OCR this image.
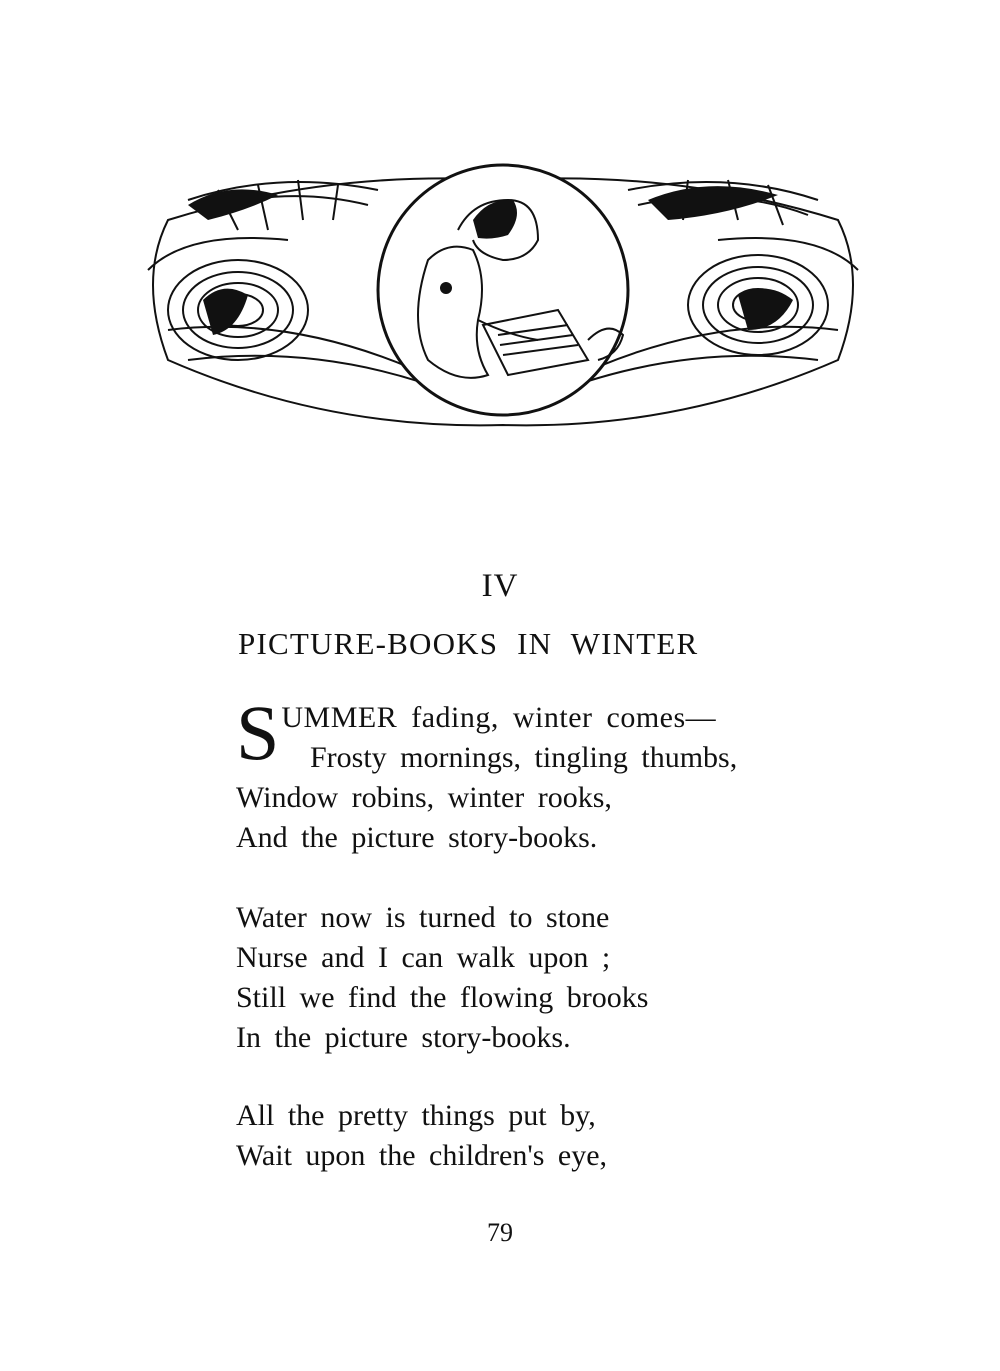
IV
PICTURE-BOOKS IN WINTER
S UMMER fading, winter comes—
Frosty mornings, tingling thumbs,
Window robins, winter rooks,
And the picture story-books.
Water now is turned to stone
Nurse and I can walk upon ;
Still we find the flowing brooks
In the picture story-books.
All the pretty things put by,
Wait upon the children's eye,
79
